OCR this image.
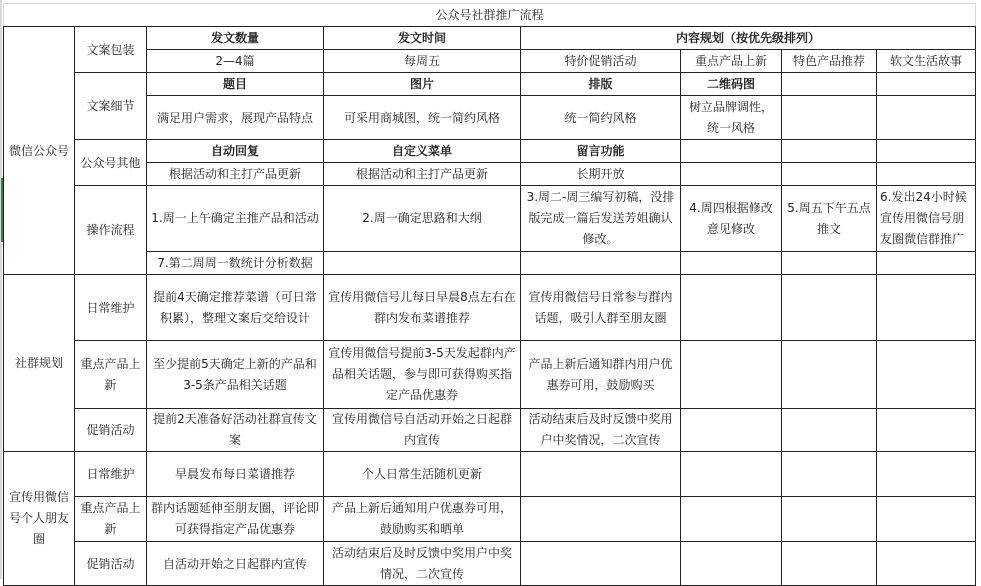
公众号社群推广流程							
微信公众号	文案包装	发文数量	发文时间	内容规划（按优先级排列）			
		2—4篇	每周五	特价促销活动	重点产品上新	特色产品推荐	软文生活故事
	文案细节	题目	图片	排版	二维码图		
		满足用户需求，展现产品特点	可采用商城图，统一简约风格	统一简约风格	树立品牌调性，统一风格		
	公众号其他	自动回复	自定义菜单	留言功能			
		根据活动和主打产品更新	根据活动和主打产品更新	长期开放			
	操作流程	1.周一上午确定主推产品和活动	2.周一确定思路和大纲	3.周二-周三编写初稿，没排版完成一篇后发送芳姐确认修改。	4.周四根据修改意见修改	5.周五下午五点推文	6.发出24小时候宣传用微信号朋友圈微信群推广
		7.第二周周一数统计分析数据					
社群规划	日常维护	提前4天确定推荐菜谱（可日常积累），整理文案后交给设计	宣传用微信号儿每日早晨8点左右在群内发布菜谱推荐	宣传用微信号日常参与群内话题，吸引人群至朋友圈			
	重点产品上新	至少提前5天确定上新的产品和3-5条产品相关话题	宣传用微信号提前3-5天发起群内产品相关话题，参与即可获得购买指定产品优惠券	产品上新后通知群内用户优惠券可用，鼓励购买			
	促销活动	提前2天准备好活动社群宣传文案	宣传用微信号自活动开始之日起群内宣传	活动结束后及时反馈中奖用户中奖情况，二次宣传			
宣传用微信号个人朋友圈	日常维护	早晨发布每日菜谱推荐	个人日常生活随机更新				
	重点产品上新	群内话题延伸至朋友圈，评论即可获得指定产品优惠券	产品上新后通知用户优惠券可用，鼓励购买和晒单				
	促销活动	自活动开始之日起群内宣传	活动结束后及时反馈中奖用户中奖情况，二次宣传				
